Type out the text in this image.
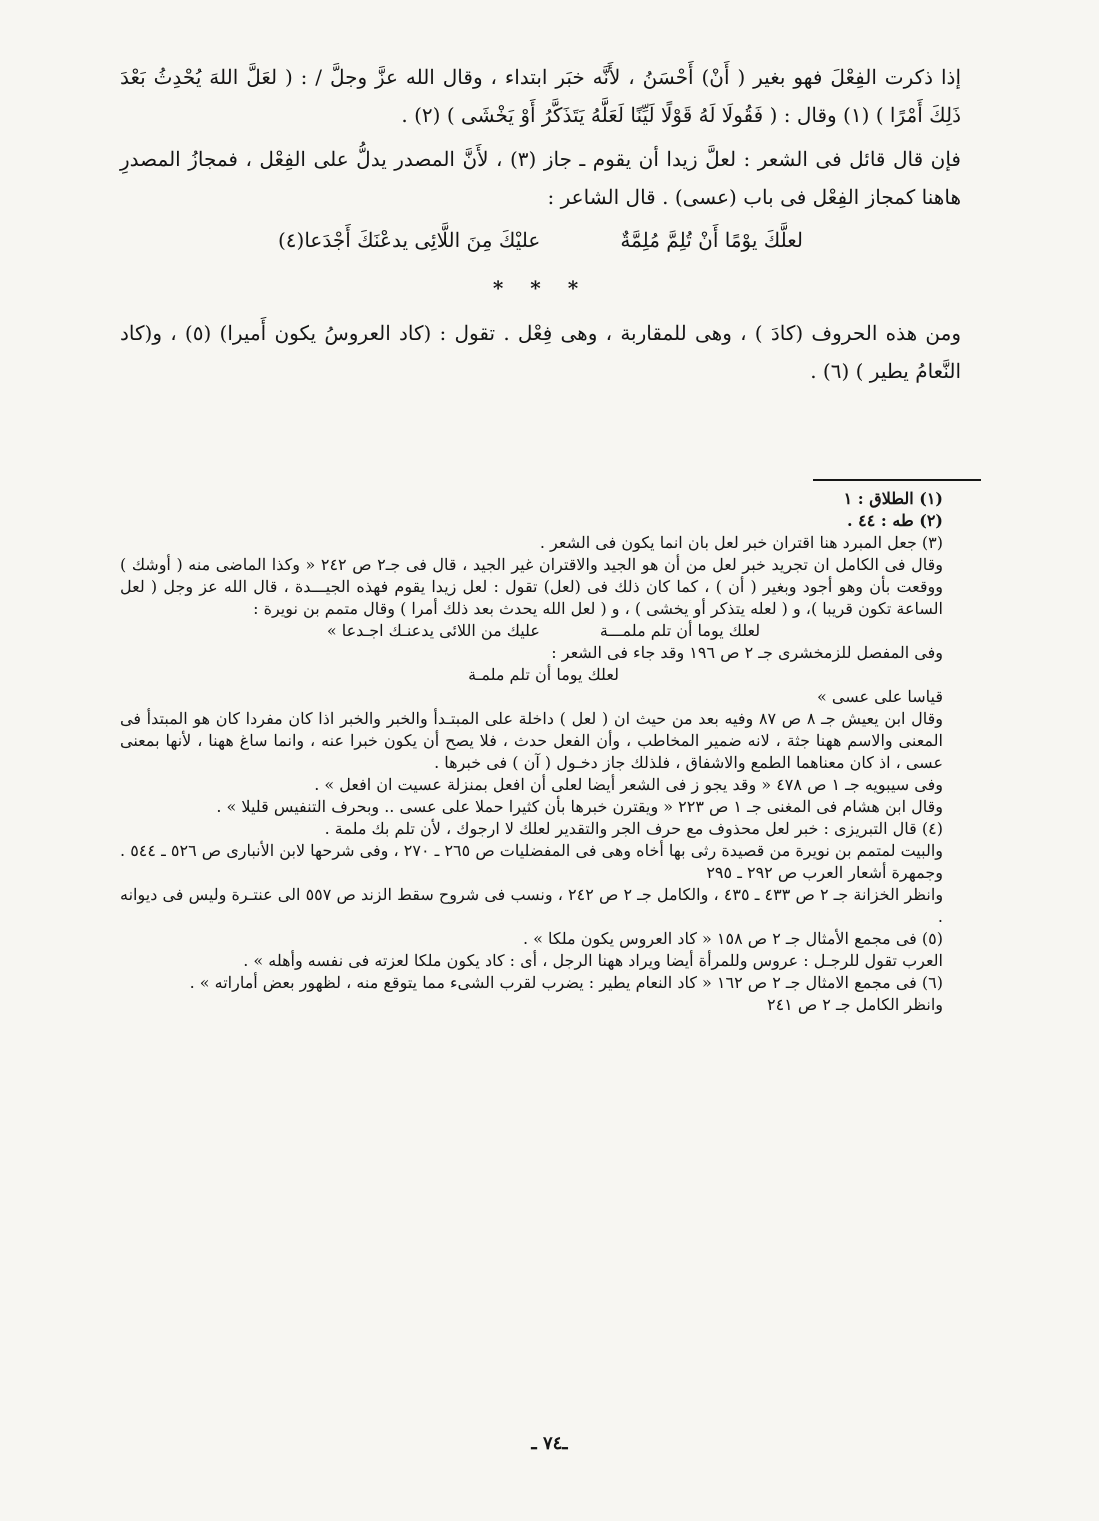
إذا ذكرت الفِعْلَ فهو بغير ( أَنْ) أَحْسَنُ ، لأَنَّه خبَر ابتداء ، وقال الله عزَّ وجلَّ / : ( لعَلَّ اللهَ يُحْدِثُ بَعْدَ ذَلِكَ أَمْرًا ) (١) وقال : ( فَقُولَا لَهُ قَوْلًا لَيِّنًا لَعَلَّهُ يَتَذَكَّرُ أَوْ يَخْشَى ) (٢) .

فإن قال قائل فى الشعر : لعلَّ زيدا أن يقوم ـ جاز (٣) ، لأَنَّ المصدر يدلُّ على الفِعْل ، فمجازُ المصدرِ هاهنا كمجاز الفِعْل فى باب (عسى) . قال الشاعر :

لعلَّكَ يوْمًا أَنْ تُلِمَّ مُلِمَّةٌ
عليْكَ مِنَ اللَّائِى يدعْنَكَ أَجْدَعا(٤)
* * *

ومن هذه الحروف (كادَ ) ، وهى للمقاربة ، وهى فِعْل . تقول : (كاد العروسُ يكون أَميرا) (٥) ، و(كاد النَّعامُ يطير ) (٦) .

(١) الطلاق : ١

(٢) طه : ٤٤ .

(٣) جعل المبرد هنا اقتران خبر لعل بان انما يكون فى الشعر .

وقال فى الكامل ان تجريد خبر لعل من أن هو الجيد والاقتران غير الجيد ، قال فى جـ٢ ص ٢٤٢ « وكذا الماضى منه ( أوشك ) ووقعت بأن وهو أجود وبغير ( أن ) ، كما كان ذلك فى (لعل) تقول : لعل زيدا يقوم فهذه الجيـــدة ، قال الله عز وجل ( لعل الساعة تكون قريبا )، و ( لعله يتذكر أو يخشى ) ، و ( لعل الله يحدث بعد ذلك أمرا ) وقال متمم بن نويرة :

لعلك يوما أن تلم ملمـــة
عليك من اللائى يدعنـك اجـدعا »

وفى المفصل للزمخشرى جـ ٢ ص ١٩٦ وقد جاء فى الشعر :

لعلك يوما أن تلم ملمـة

قياسا على عسى »

وقال ابن يعيش جـ ٨ ص ٨٧ وفيه بعد من حيث ان ( لعل ) داخلة على المبتـدأ والخبر والخبر اذا كان مفردا كان هو المبتدأ فى المعنى والاسم ههنا جثة ، لانه ضمير المخاطب ، وأن الفعل حدث ، فلا يصح أن يكون خبرا عنه ، وانما ساغ ههنا ، لأنها بمعنى عسى ، اذ كان معناهما الطمع والاشفاق ، فلذلك جاز دخـول ( آن ) فى خبرها .

وفى سيبويه جـ ١ ص ٤٧٨ « وقد يجو ز فى الشعر أيضا لعلى أن افعل بمنزلة عسيت ان افعل » .

وقال ابن هشام فى المغنى جـ ١ ص ٢٢٣ « ويقترن خبرها بأن كثيرا حملا على عسى .. وبحرف التنفيس قليلا » .

(٤) قال التبريزى : خبر لعل محذوف مع حرف الجر والتقدير لعلك لا ارجوك ، لأن تلم بك ملمة .

والبيت لمتمم بن نويرة من قصيدة رثى بها أخاه وهى فى المفضليات ص ٢٦٥ ـ ٢٧٠ ، وفى شرحها لابن الأنبارى ص ٥٢٦ ـ ٥٤٤ . وجمهرة أشعار العرب ص ٢٩٢ ـ ٢٩٥

وانظر الخزانة جـ ٢ ص ٤٣٣ ـ ٤٣٥ ، والكامل جـ ٢ ص ٢٤٢ ، ونسب فى شروح سقط الزند ص ٥٥٧ الى عنتـرة وليس فى ديوانه .

(٥) فى مجمع الأمثال جـ ٢ ص ١٥٨ « كاد العروس يكون ملكا » .

العرب تقول للرجـل : عروس وللمرأة أيضا ويراد ههنا الرجل ، أى : كاد يكون ملكا لعزته فى نفسه وأهله » .

(٦) فى مجمع الامثال جـ ٢ ص ١٦٢ « كاد النعام يطير : يضرب لقرب الشىء مما يتوقع منه ، لظهور بعض أماراته » .

وانظر الكامل جـ ٢ ص ٢٤١

ـ٧٤ ـ
